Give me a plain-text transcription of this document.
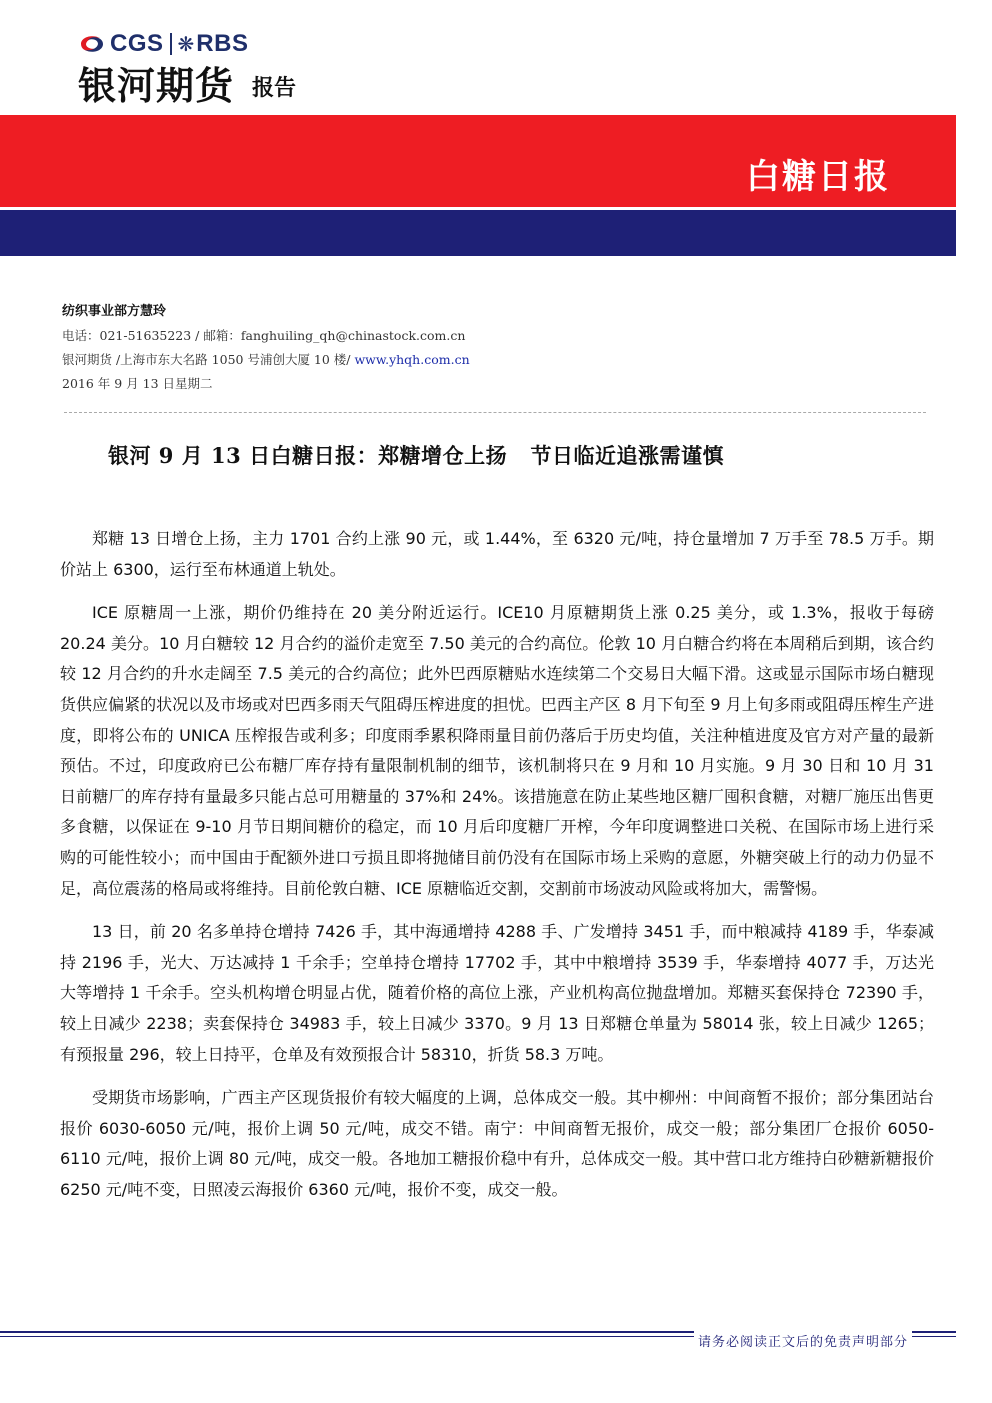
CGS ❋ RBS
银河期货 报告
白糖日报
纺织事业部方慧玲
电话：021-51635223 / 邮箱：fanghuiling_qh@chinastock.com.cn
银河期货 /上海市东大名路 1050 号浦创大厦 10 楼/ www.yhqh.com.cn
2016 年 9 月 13 日星期二
银河 9 月 13 日白糖日报：郑糖增仓上扬   节日临近追涨需谨慎

郑糖 13 日增仓上扬，主力 1701 合约上涨 90 元，或 1.44%，至 6320 元/吨，持仓量增加 7 万手至 78.5 万手。期价站上 6300，运行至布林通道上轨处。

ICE 原糖周一上涨，期价仍维持在 20 美分附近运行。ICE10 月原糖期货上涨 0.25 美分，或 1.3%，报收于每磅 20.24 美分。10 月白糖较 12 月合约的溢价走宽至 7.50 美元的合约高位。伦敦 10 月白糖合约将在本周稍后到期，该合约较 12 月合约的升水走阔至 7.5 美元的合约高位；此外巴西原糖贴水连续第二个交易日大幅下滑。这或显示国际市场白糖现货供应偏紧的状况以及市场或对巴西多雨天气阻碍压榨进度的担忧。巴西主产区 8 月下旬至 9 月上旬多雨或阻碍压榨生产进度，即将公布的 UNICA 压榨报告或利多；印度雨季累积降雨量目前仍落后于历史均值，关注种植进度及官方对产量的最新预估。不过，印度政府已公布糖厂库存持有量限制机制的细节，该机制将只在 9 月和 10 月实施。9 月 30 日和 10 月 31 日前糖厂的库存持有量最多只能占总可用糖量的 37%和 24%。该措施意在防止某些地区糖厂囤积食糖，对糖厂施压出售更多食糖，以保证在 9-10 月节日期间糖价的稳定，而 10 月后印度糖厂开榨，今年印度调整进口关税、在国际市场上进行采购的可能性较小；而中国由于配额外进口亏损且即将抛储目前仍没有在国际市场上采购的意愿，外糖突破上行的动力仍显不足，高位震荡的格局或将维持。目前伦敦白糖、ICE 原糖临近交割，交割前市场波动风险或将加大，需警惕。

13 日，前 20 名多单持仓增持 7426 手，其中海通增持 4288 手、广发增持 3451 手，而中粮减持 4189 手，华泰减持 2196 手，光大、万达减持 1 千余手；空单持仓增持 17702 手，其中中粮增持 3539 手，华泰增持 4077 手，万达光大等增持 1 千余手。空头机构增仓明显占优，随着价格的高位上涨，产业机构高位抛盘增加。郑糖买套保持仓 72390 手，较上日减少 2238；卖套保持仓 34983 手，较上日减少 3370。9 月 13 日郑糖仓单量为 58014 张，较上日减少 1265；有预报量 296，较上日持平，仓单及有效预报合计 58310，折货 58.3 万吨。

受期货市场影响，广西主产区现货报价有较大幅度的上调，总体成交一般。其中柳州：中间商暂不报价；部分集团站台报价 6030-6050 元/吨，报价上调 50 元/吨，成交不错。南宁：中间商暂无报价，成交一般；部分集团厂仓报价 6050-6110 元/吨，报价上调 80 元/吨，成交一般。各地加工糖报价稳中有升，总体成交一般。其中营口北方维持白砂糖新糖报价 6250 元/吨不变，日照凌云海报价 6360 元/吨，报价不变，成交一般。

请务必阅读正文后的免责声明部分
